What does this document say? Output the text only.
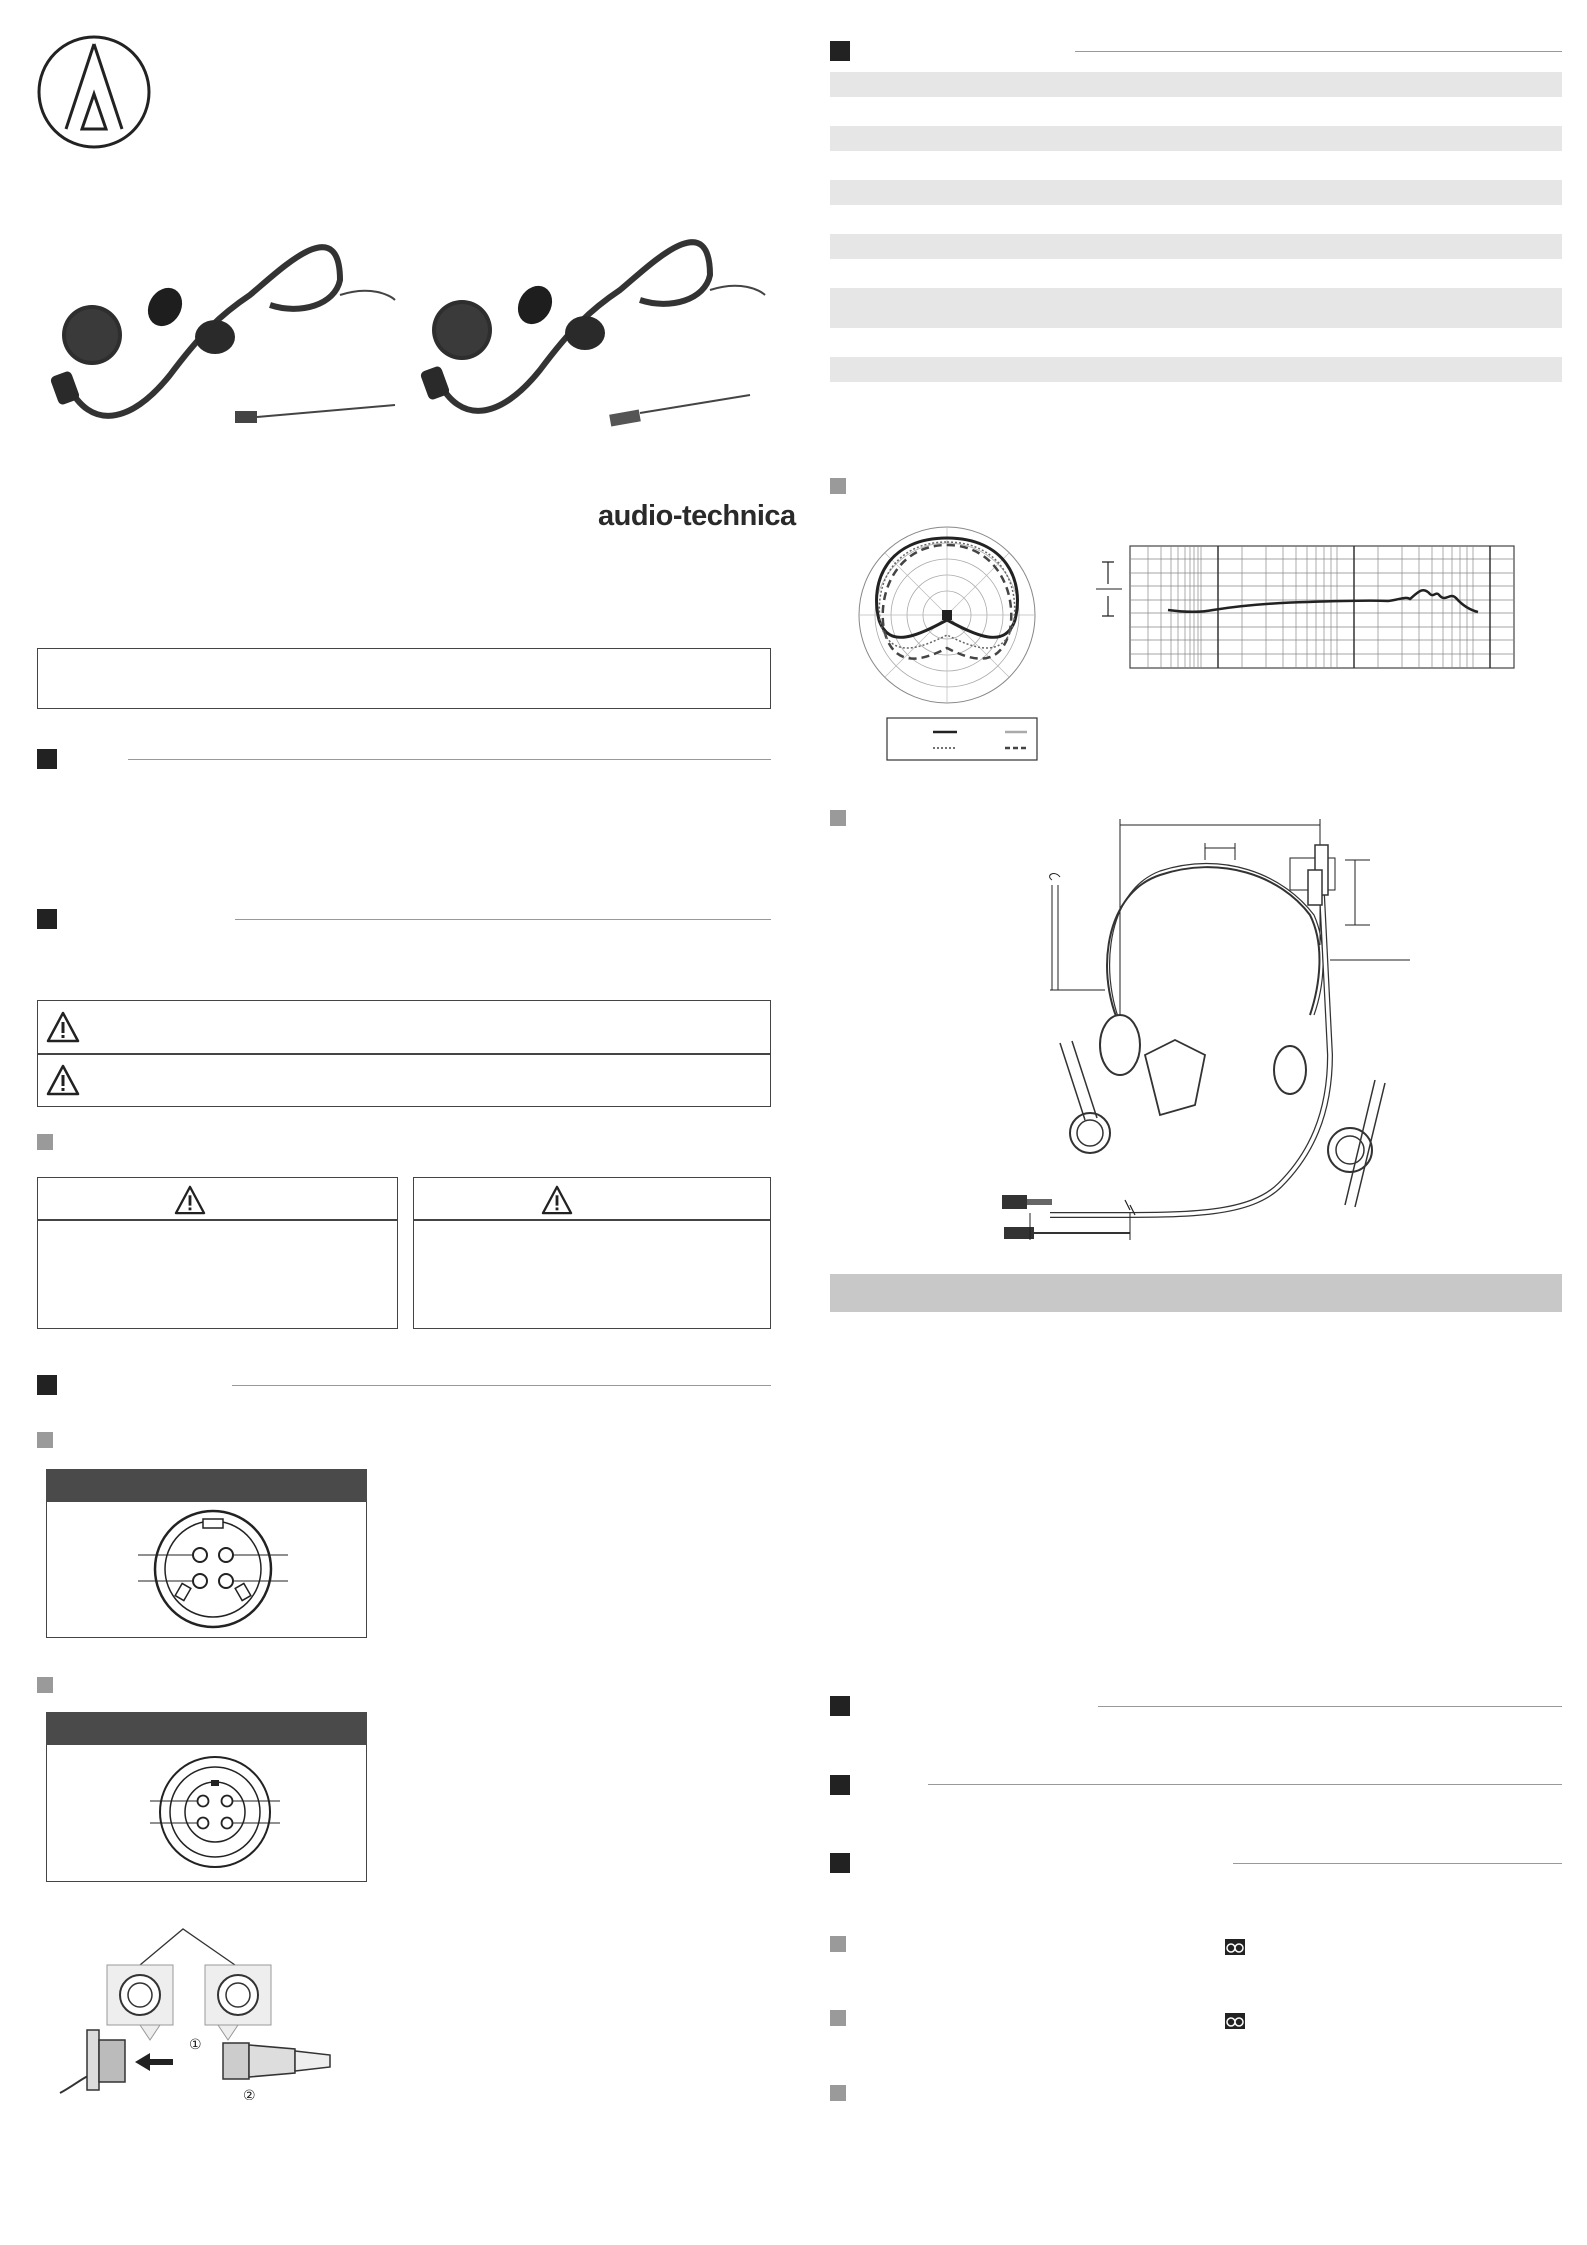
audio-technica
①
②
